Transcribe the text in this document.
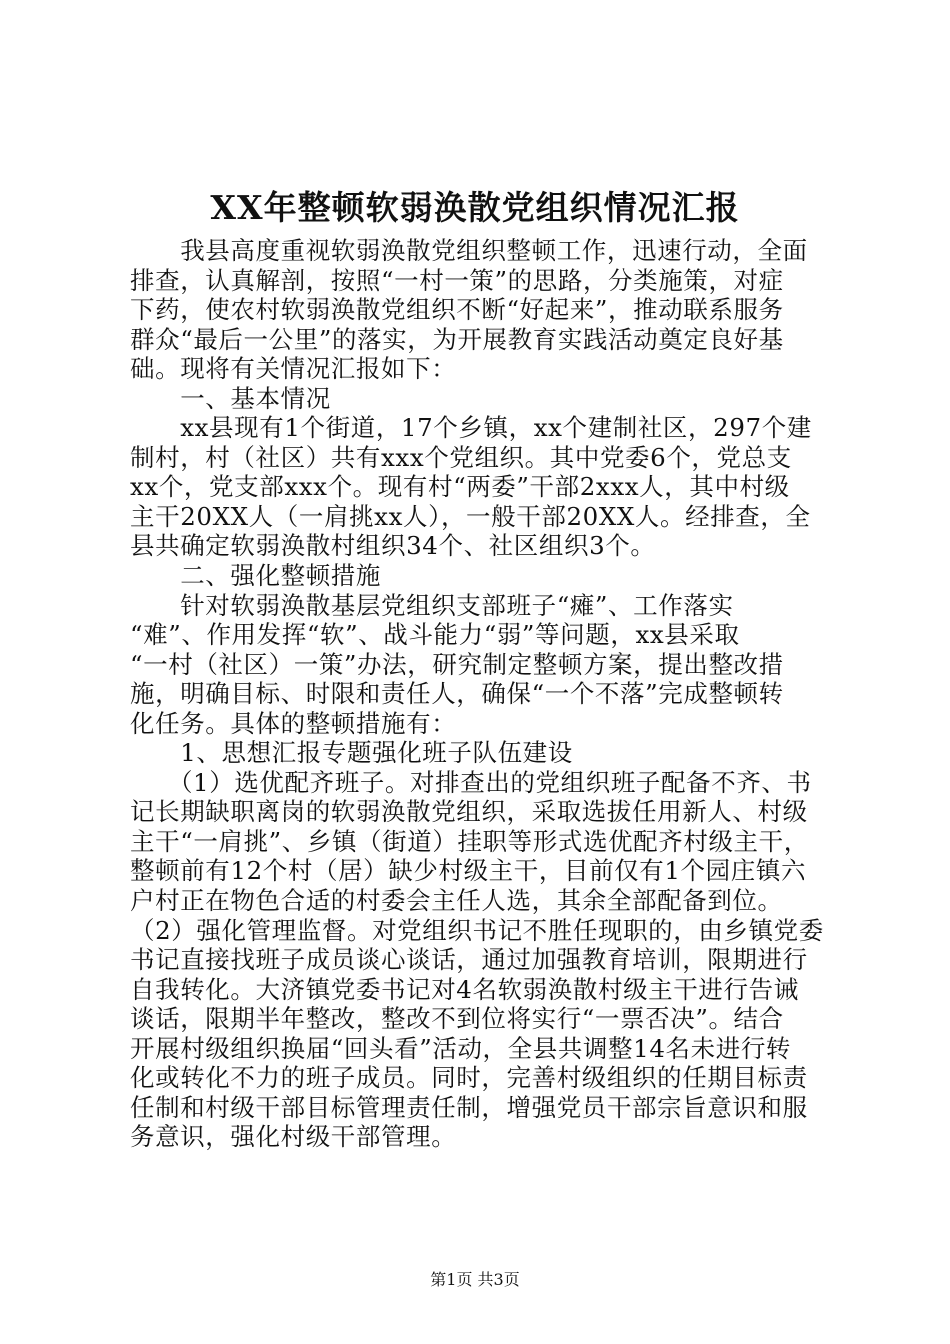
XX年整顿软弱涣散党组织情况汇报
　　我县高度重视软弱涣散党组织整顿工作，迅速行动，全面
排查，认真解剖，按照“一村一策”的思路，分类施策，对症
下药，使农村软弱涣散党组织不断“好起来”，推动联系服务
群众“最后一公里”的落实，为开展教育实践活动奠定良好基
础。现将有关情况汇报如下：
　　一、基本情况
　　xx县现有1个街道，17个乡镇，xx个建制社区，297个建
制村，村（社区）共有xxx个党组织。其中党委6个，党总支
xx个，党支部xxx个。现有村“两委”干部2xxx人，其中村级
主干20XX人（一肩挑xx人），一般干部20XX人。经排查，全
县共确定软弱涣散村组织34个、社区组织3个。
　　二、强化整顿措施
　　针对软弱涣散基层党组织支部班子“瘫”、工作落实
“难”、作用发挥“软”、战斗能力“弱”等问题，xx县采取
“一村（社区）一策”办法，研究制定整顿方案，提出整改措
施，明确目标、时限和责任人，确保“一个不落”完成整顿转
化任务。具体的整顿措施有：
　　1、思想汇报专题强化班子队伍建设
　　（1）选优配齐班子。对排查出的党组织班子配备不齐、书
记长期缺职离岗的软弱涣散党组织，采取选拔任用新人、村级
主干“一肩挑”、乡镇（街道）挂职等形式选优配齐村级主干，
整顿前有12个村（居）缺少村级主干，目前仅有1个园庄镇六
户村正在物色合适的村委会主任人选，其余全部配备到位。
（2）强化管理监督。对党组织书记不胜任现职的，由乡镇党委
书记直接找班子成员谈心谈话，通过加强教育培训，限期进行
自我转化。大济镇党委书记对4名软弱涣散村级主干进行告诫
谈话，限期半年整改，整改不到位将实行“一票否决”。结合
开展村级组织换届“回头看”活动，全县共调整14名未进行转
化或转化不力的班子成员。同时，完善村级组织的任期目标责
任制和村级干部目标管理责任制，增强党员干部宗旨意识和服
务意识，强化村级干部管理。
第1页 共3页
